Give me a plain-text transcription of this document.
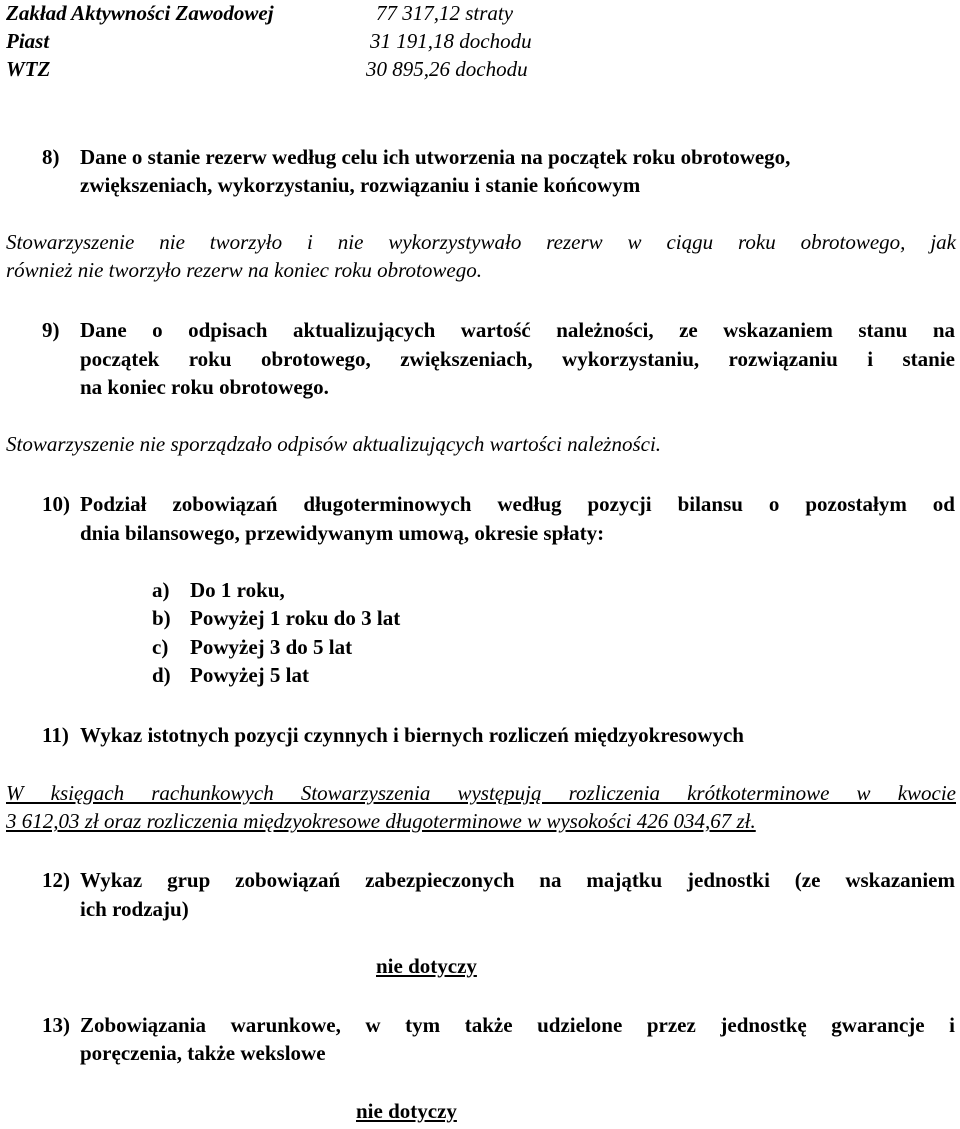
Zakład Aktywności Zawodowej	77 317,12 straty
Piast	31 191,18 dochodu
WTZ	30 895,26 dochodu
8) Dane o stanie rezerw według celu ich utworzenia na początek roku obrotowego,
zwiększeniach, wykorzystaniu, rozwiązaniu i stanie końcowym
Stowarzyszenie nie tworzyło i nie wykorzystywało rezerw w ciągu roku obrotowego, jak
również nie tworzyło rezerw na koniec roku obrotowego.
9) Dane o odpisach aktualizujących wartość należności, ze wskazaniem stanu na
początek roku obrotowego, zwiększeniach, wykorzystaniu, rozwiązaniu i stanie
na koniec roku obrotowego.
Stowarzyszenie nie sporządzało odpisów aktualizujących wartości należności.
10) Podział zobowiązań długoterminowych według pozycji bilansu o pozostałym od
dnia bilansowego, przewidywanym umową, okresie spłaty:
a) Do 1 roku,
b) Powyżej 1 roku do 3 lat
c) Powyżej 3 do 5 lat
d) Powyżej 5 lat
11) Wykaz istotnych pozycji czynnych i biernych rozliczeń międzyokresowych
W księgach rachunkowych Stowarzyszenia występują rozliczenia krótkoterminowe w kwocie
3 612,03 zł oraz rozliczenia międzyokresowe długoterminowe w wysokości 426 034,67 zł.
12) Wykaz grup zobowiązań zabezpieczonych na majątku jednostki (ze wskazaniem
ich rodzaju)
nie dotyczy
13) Zobowiązania warunkowe, w tym także udzielone przez jednostkę gwarancje i
poręczenia, także wekslowe
nie dotyczy
